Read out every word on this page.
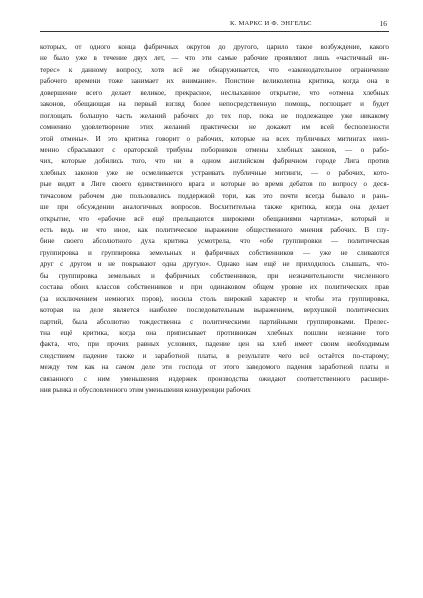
К. МАРКС И Ф. ЭНГЕЛЬС	16
которых, от одного конца фабричных округов до другого, царило такое возбуждение, какого
не было уже в течение двух лет, — что эти самые рабочие проявляют лишь «частичный ин-
терес» к данному вопросу, хотя всё же обнаруживается, что «законодательное ограничение
рабочего времени тоже занимает их внимание». Поистине великолепна критика, когда она в
довершение всего делает великое, прекрасное, неслыханное открытие, что «отмена хлебных
законов, обещающая на первый взгляд более непосредственную помощь, поглощает и будет
поглощать большую часть желаний рабочих до тех пор, пока не подлежащее уже никакому
сомнению удовлетворение этих желаний практически не докажет им всей бесполезности
этой отмены». И это критика говорит о рабочих, которые на всех публичных митингах неиз-
менно сбрасывают с ораторской трибуны поборников отмены хлебных законов, — о рабо-
чих, которые добились того, что ни в одном английском фабричном городе Лига против
хлебных законов уже не осмеливается устраивать публичные митинги, — о рабочих, кото-
рые видят в Лиге своего единственного врага и которые во время дебатов по вопросу о деся-
тичасовом рабочем дне пользовались поддержкой тори, как это почти всегда бывало и рань-
ше при обсуждении аналогичных вопросов. Восхитительна также критика, когда она делает
открытие, что «рабочие всё ещё прельщаются широкими обещаниями чартизма», который и
есть ведь не что иное, как политическое выражение общественного мнения рабочих. В глу-
бине своего абсолютного духа критика усмотрела, что «обе группировки — политическая
группировка и группировка земельных и фабричных собственников — уже не сливаются
друг с другом и не покрывают одна другую». Однако нам ещё не приходилось слышать, что-
бы группировка земельных и фабричных собственников, при незначительности численного
состава обоих классов собственников и при одинаковом общем уровне их политических прав
(за исключением немногих пэров), носила столь широкий характер и чтобы эта группировка,
которая на деле является наиболее последовательным выражением, верхушкой политических
партий, была абсолютно тождественна с политическими партийными группировками. Прелес-
тна ещё критика, когда она приписывает противникам хлебных пошлин незнание того
факта, что, при прочих равных условиях, падение цен на хлеб имеет своим необходимым
следствием падение также и заработной платы, в результате чего всё остаётся по-старому;
между тем как на самом деле эти господа от этого заведомого падения заработной платы и
связанного с ним уменьшения издержек производства ожидают соответственного расшире-
ния рынка и обусловленного этим уменьшения конкуренции рабочих
